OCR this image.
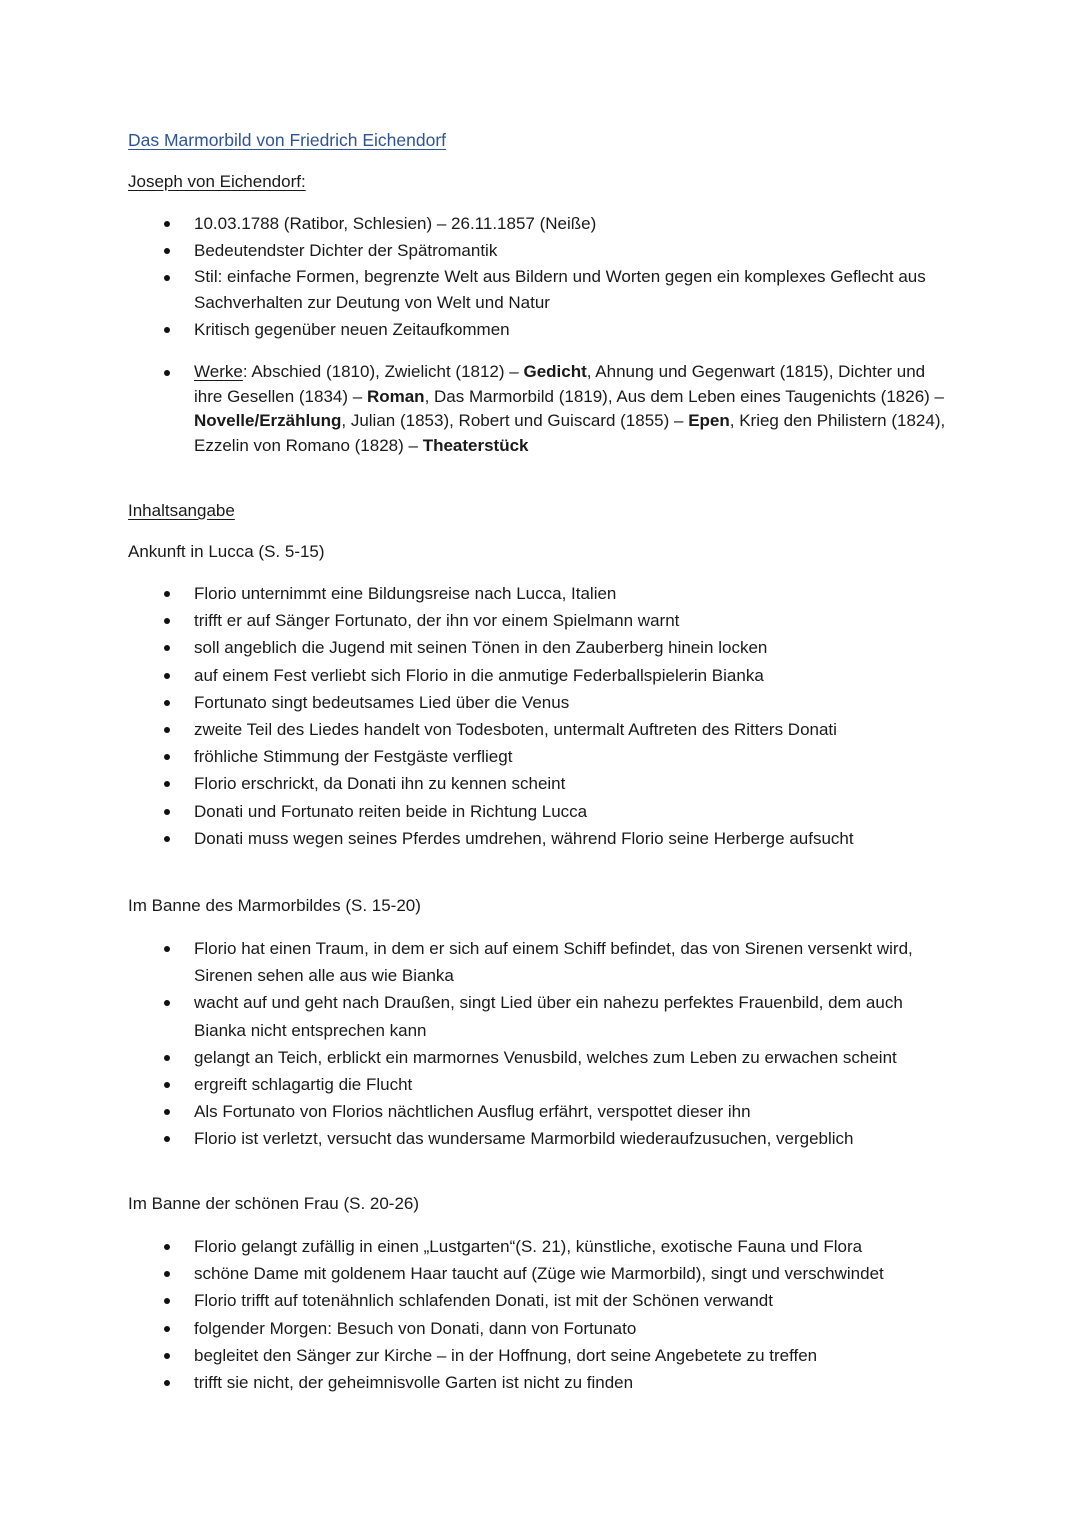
Das Marmorbild von Friedrich Eichendorf
Joseph von Eichendorf:
10.03.1788 (Ratibor, Schlesien) – 26.11.1857 (Neiße)
Bedeutendster Dichter der Spätromantik
Stil: einfache Formen, begrenzte Welt aus Bildern und Worten gegen ein komplexes Geflecht aus Sachverhalten zur Deutung von Welt und Natur
Kritisch gegenüber neuen Zeitaufkommen
Werke: Abschied (1810), Zwielicht (1812) – Gedicht, Ahnung und Gegenwart (1815), Dichter und ihre Gesellen (1834) – Roman, Das Marmorbild (1819), Aus dem Leben eines Taugenichts (1826) – Novelle/Erzählung, Julian (1853), Robert und Guiscard (1855) – Epen, Krieg den Philistern (1824), Ezzelin von Romano (1828) – Theaterstück
Inhaltsangabe
Ankunft in Lucca (S. 5-15)
Florio unternimmt eine Bildungsreise nach Lucca, Italien
trifft er auf Sänger Fortunato, der ihn vor einem Spielmann warnt
soll angeblich die Jugend mit seinen Tönen in den Zauberberg hinein locken
auf einem Fest verliebt sich Florio in die anmutige Federballspielerin Bianka
Fortunato singt bedeutsames Lied über die Venus
zweite Teil des Liedes handelt von Todesboten, untermalt Auftreten des Ritters Donati
fröhliche Stimmung der Festgäste verfliegt
Florio erschrickt, da Donati ihn zu kennen scheint
Donati und Fortunato reiten beide in Richtung Lucca
Donati muss wegen seines Pferdes umdrehen, während Florio seine Herberge aufsucht
Im Banne des Marmorbildes (S. 15-20)
Florio hat einen Traum, in dem er sich auf einem Schiff befindet, das von Sirenen versenkt wird, Sirenen sehen alle aus wie Bianka
wacht auf und geht nach Draußen, singt Lied über ein nahezu perfektes Frauenbild, dem auch Bianka nicht entsprechen kann
gelangt an Teich, erblickt ein marmornes Venusbild, welches zum Leben zu erwachen scheint
ergreift schlagartig die Flucht
Als Fortunato von Florios nächtlichen Ausflug erfährt, verspottet dieser ihn
Florio ist verletzt, versucht das wundersame Marmorbild wiederaufzusuchen, vergeblich
Im Banne der schönen Frau (S. 20-26)
Florio gelangt zufällig in einen „Lustgarten“(S. 21), künstliche, exotische Fauna und Flora
schöne Dame mit goldenem Haar taucht auf (Züge wie Marmorbild), singt und verschwindet
Florio trifft auf totenähnlich schlafenden Donati, ist mit der Schönen verwandt
folgender Morgen: Besuch von Donati, dann von Fortunato
begleitet den Sänger zur Kirche – in der Hoffnung, dort seine Angebetete zu treffen
trifft sie nicht, der geheimnisvolle Garten ist nicht zu finden
